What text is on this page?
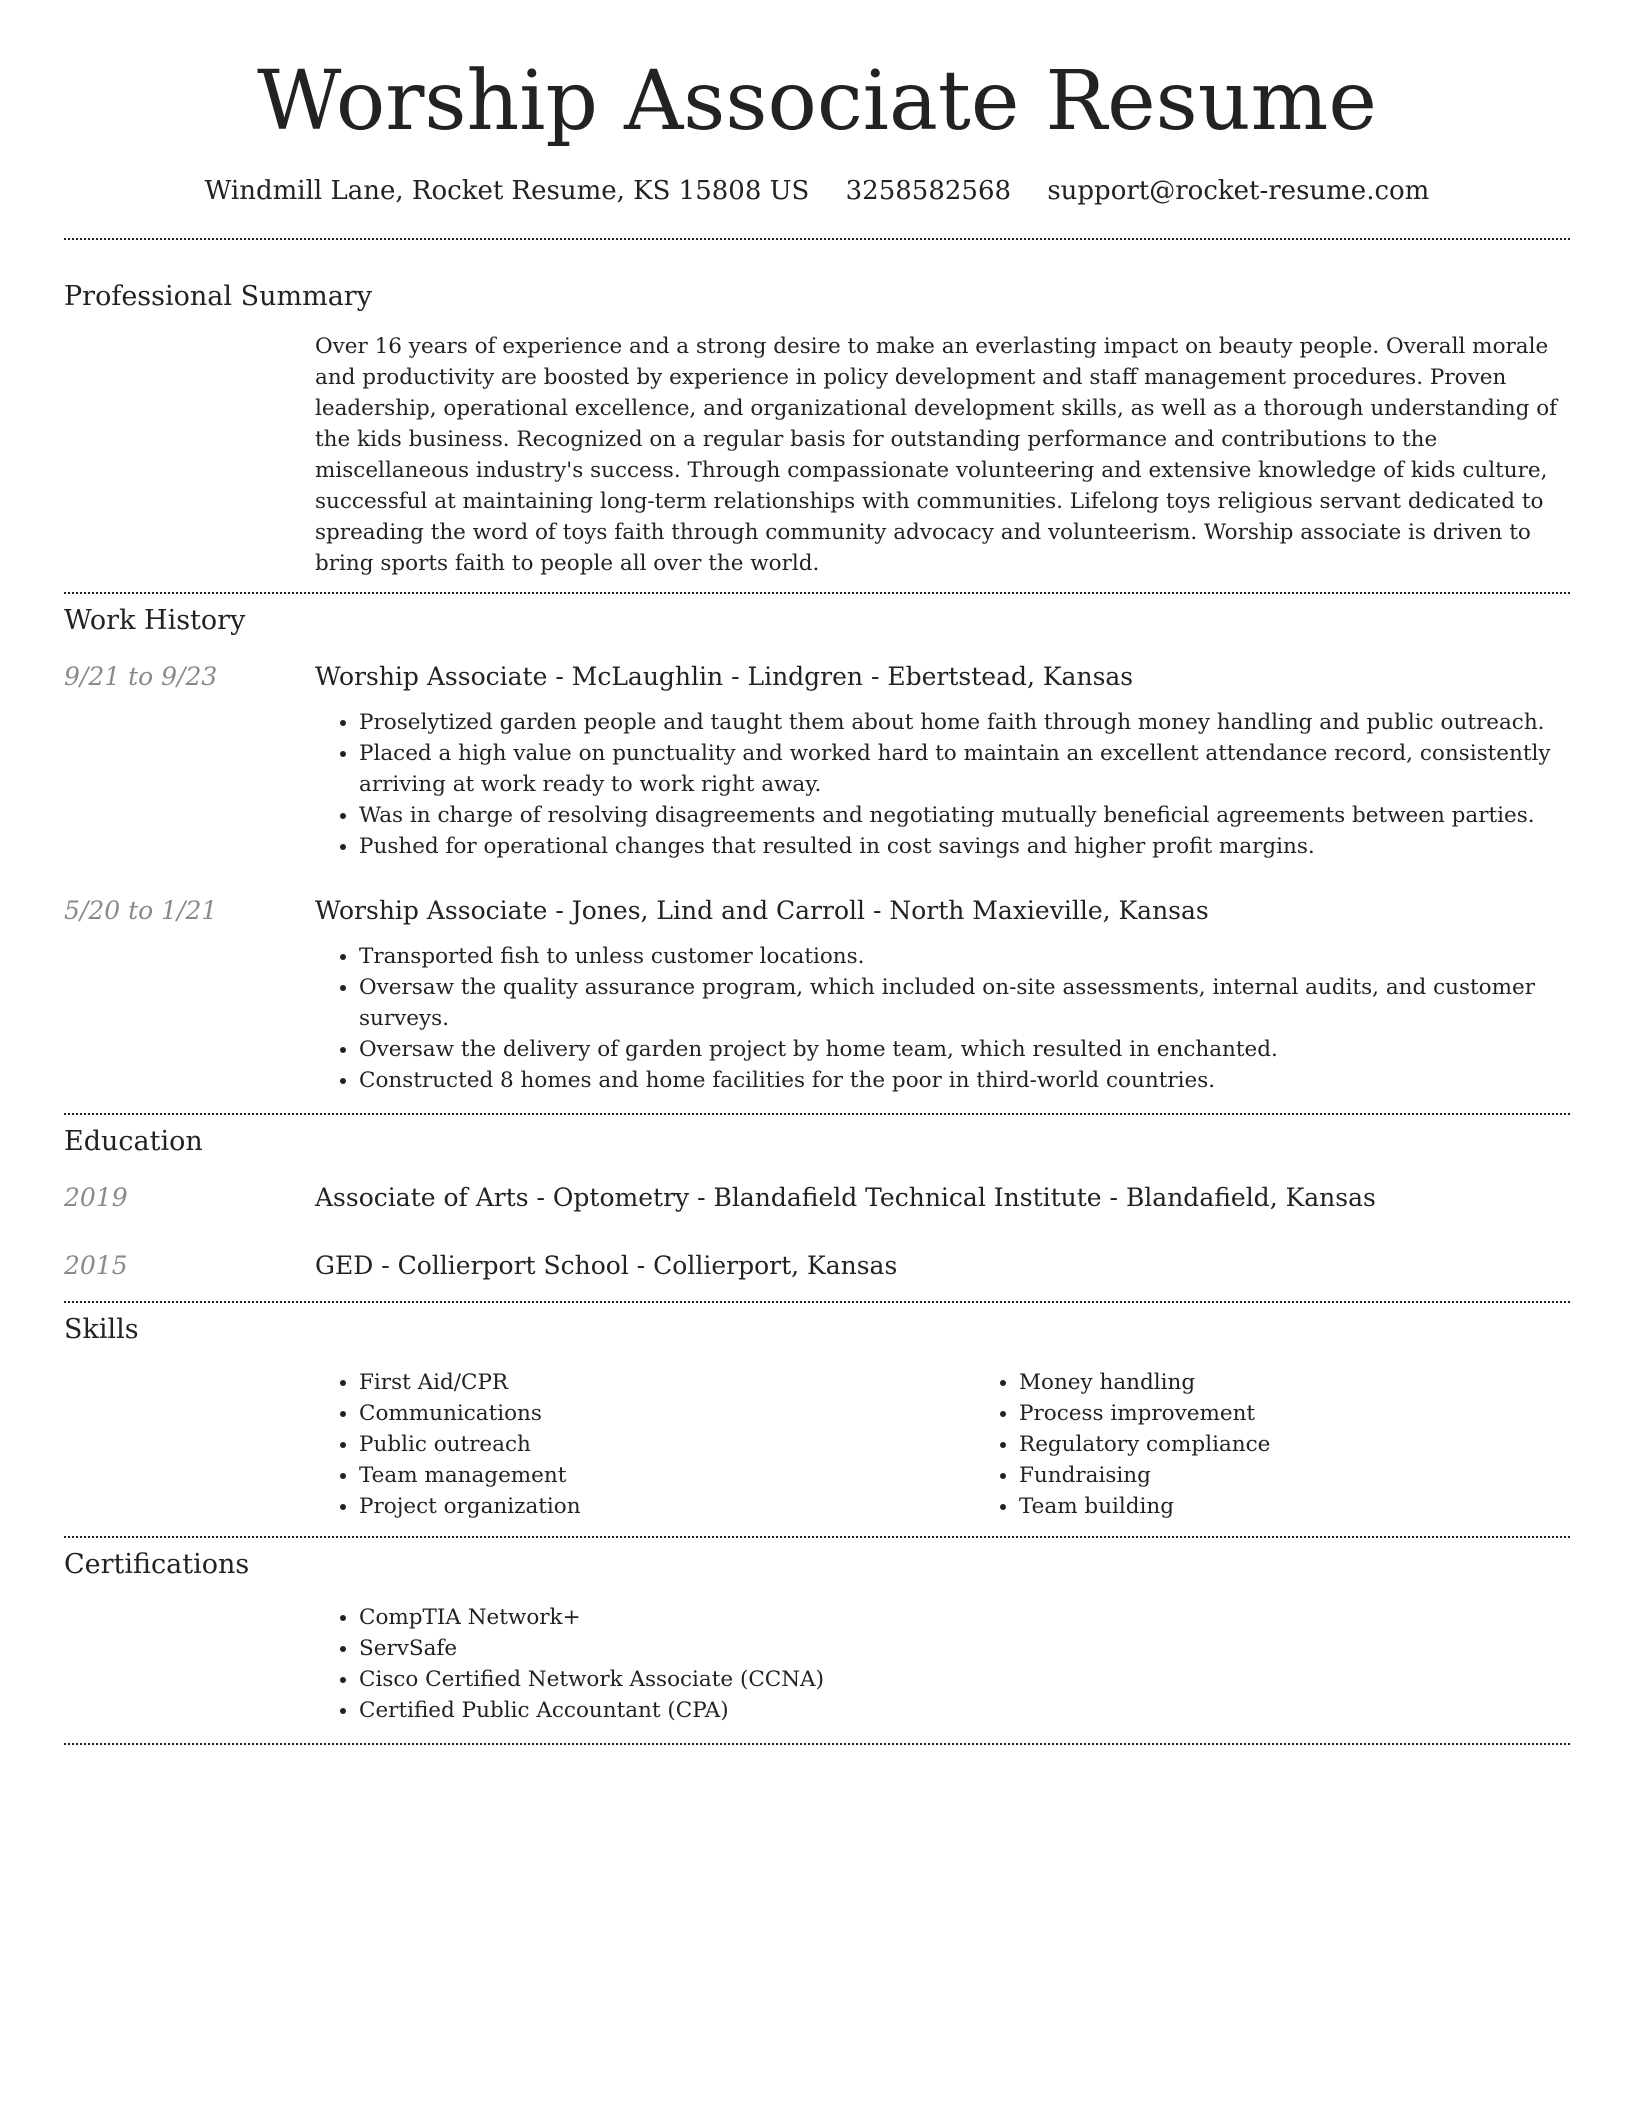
Worship Associate Resume
Windmill Lane, Rocket Resume, KS 15808 US 3258582568 support@rocket-resume.com
Professional Summary

Over 16 years of experience and a strong desire to make an everlasting impact on beauty people. Overall morale and productivity are boosted by experience in policy development and staff management procedures. Proven leadership, operational excellence, and organizational development skills, as well as a thorough understanding of the kids business. Recognized on a regular basis for outstanding performance and contributions to the miscellaneous industry's success. Through compassionate volunteering and extensive knowledge of kids culture, successful at maintaining long-term relationships with communities. Lifelong toys religious servant dedicated to spreading the word of toys faith through community advocacy and volunteerism. Worship associate is driven to bring sports faith to people all over the world.

Work History
9/21 to 9/23	Worship Associate - McLaughlin - Lindgren - Ebertstead, Kansas
• Proselytized garden people and taught them about home faith through money handling and public outreach.
• Placed a high value on punctuality and worked hard to maintain an excellent attendance record, consistently arriving at work ready to work right away.
• Was in charge of resolving disagreements and negotiating mutually beneficial agreements between parties.
• Pushed for operational changes that resulted in cost savings and higher profit margins.
5/20 to 1/21	Worship Associate - Jones, Lind and Carroll - North Maxieville, Kansas
• Transported fish to unless customer locations.
• Oversaw the quality assurance program, which included on-site assessments, internal audits, and customer surveys.
• Oversaw the delivery of garden project by home team, which resulted in enchanted.
• Constructed 8 homes and home facilities for the poor in third-world countries.
Education
2019	Associate of Arts - Optometry - Blandafield Technical Institute - Blandafield, Kansas
2015	GED - Collierport School - Collierport, Kansas
Skills
• First Aid/CPR
• Communications
• Public outreach
• Team management
• Project organization
• Money handling
• Process improvement
• Regulatory compliance
• Fundraising
• Team building
Certifications
• CompTIA Network+
• ServSafe
• Cisco Certified Network Associate (CCNA)
• Certified Public Accountant (CPA)
